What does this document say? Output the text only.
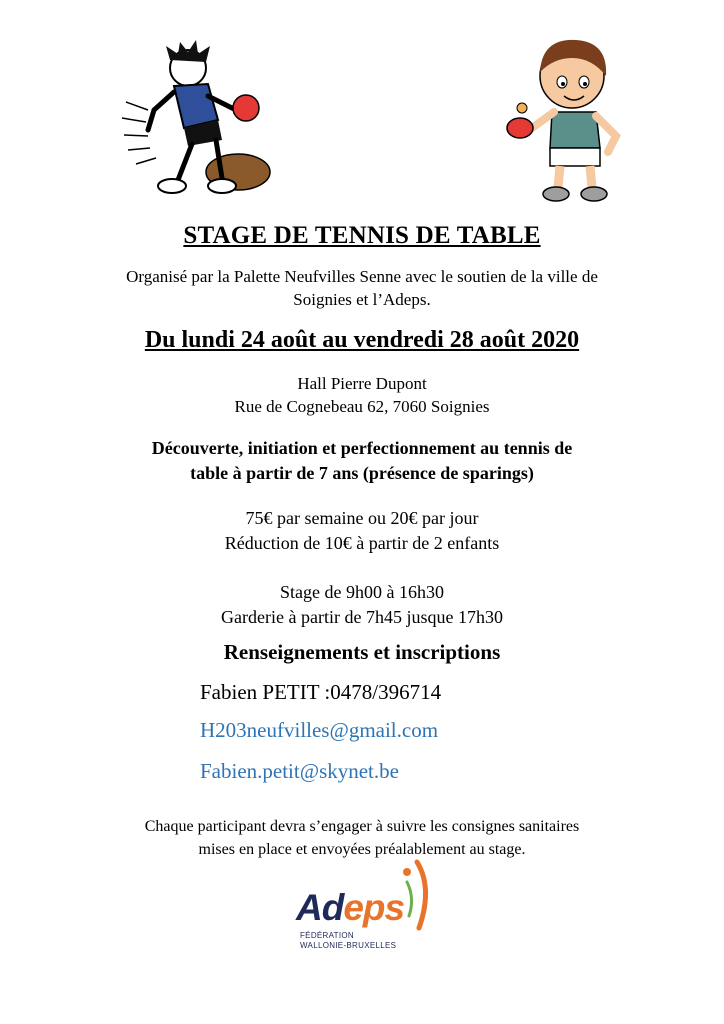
STAGE DE TENNIS DE TABLE
Organisé par la Palette Neufvilles Senne avec le soutien de la ville de
Soignies et l’Adeps.
Du lundi 24 août au vendredi 28 août 2020
Hall Pierre Dupont
Rue de Cognebeau 62, 7060 Soignies
Découverte, initiation et perfectionnement au tennis de
table à partir de 7 ans (présence de sparings)
75€ par semaine ou 20€ par jour
Réduction de 10€ à partir de 2 enfants
Stage de 9h00 à 16h30
Garderie à partir de 7h45 jusque 17h30
Renseignements et inscriptions
Fabien PETIT :0478/396714
H203neufvilles@gmail.com
Fabien.petit@skynet.be
Chaque participant devra s’engager à suivre les consignes sanitaires
mises en place et envoyées préalablement au stage.
Adeps
FÉDÉRATION
WALLONIE-BRUXELLES
